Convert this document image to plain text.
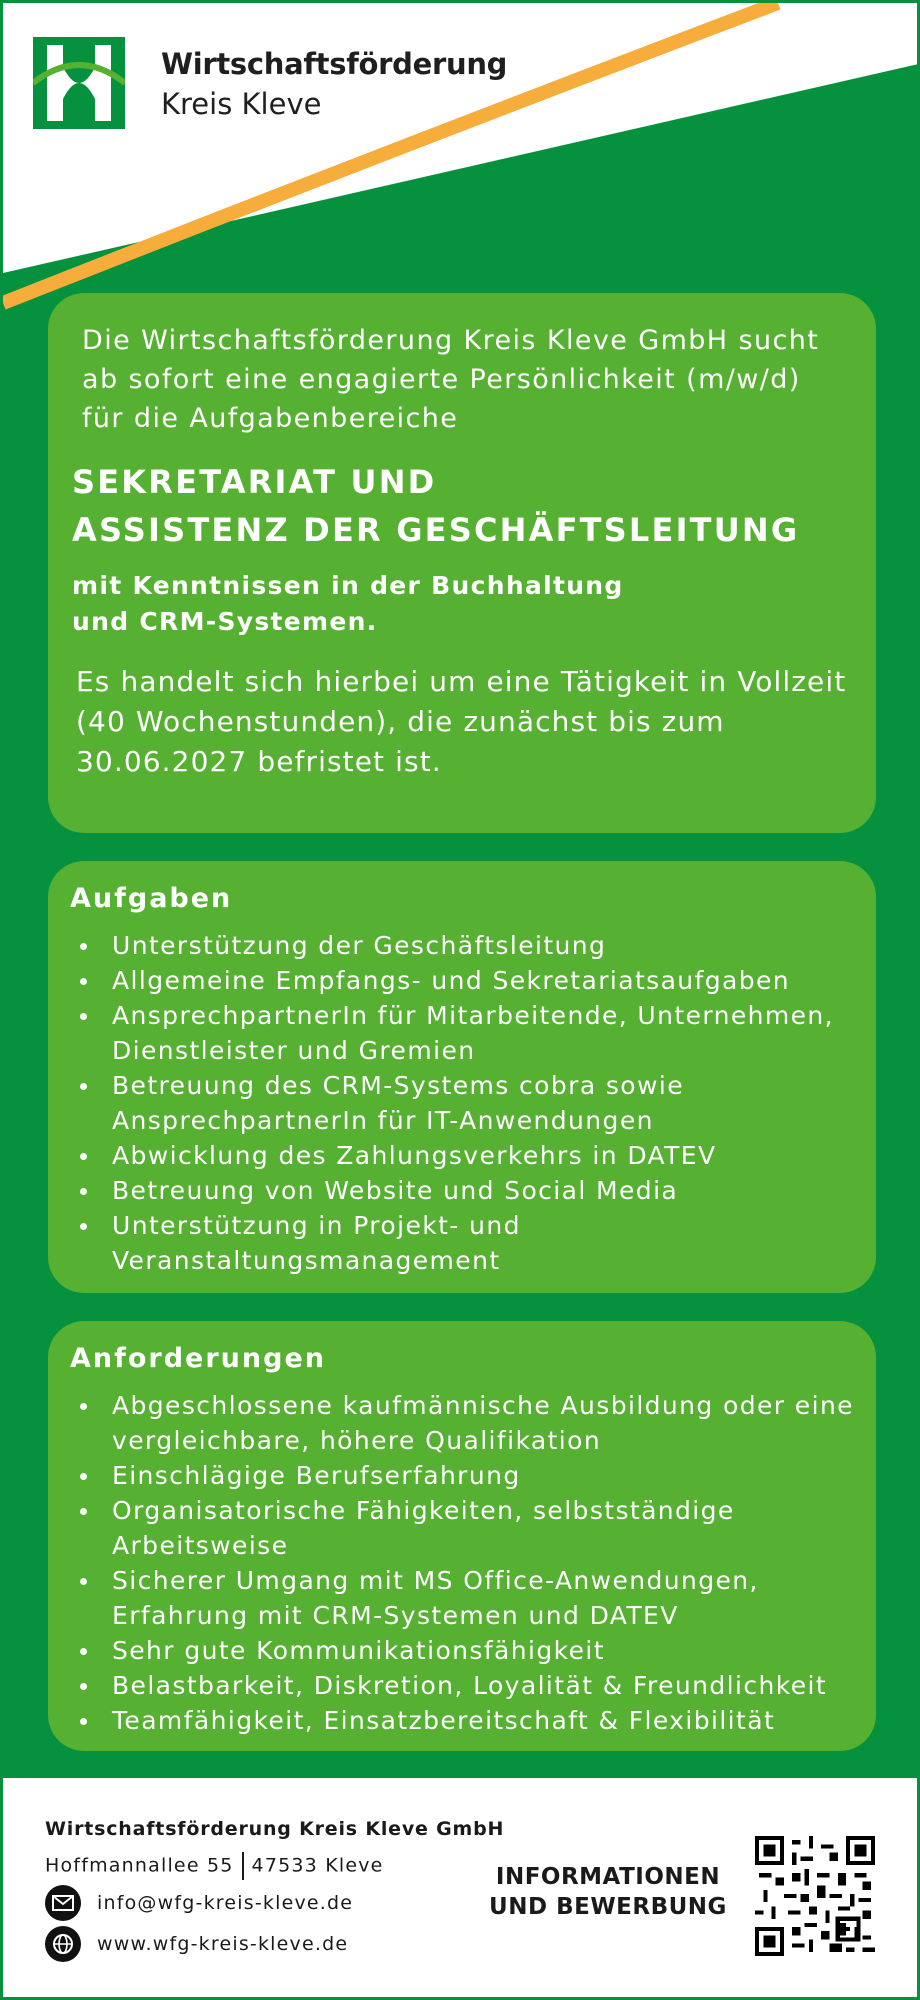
Wirtschaftsförderung
Kreis Kleve

Die Wirtschaftsförderung Kreis Kleve GmbH sucht ab sofort eine engagierte Persönlichkeit (m/w/d) für die Aufgabenbereiche

SEKRETARIAT UND
ASSISTENZ DER GESCHÄFTSLEITUNG
mit Kenntnissen in der Buchhaltung
und CRM-Systemen.
Es handelt sich hierbei um eine Tätigkeit in Vollzeit (40 Wochenstunden), die zunächst bis zum 30.06.2027 befristet ist.
Aufgaben
Unterstützung der Geschäftsleitung
Allgemeine Empfangs- und Sekretariatsaufgaben
AnsprechpartnerIn für Mitarbeitende, Unternehmen, Dienstleister und Gremien
Betreuung des CRM-Systems cobra sowie AnsprechpartnerIn für IT-Anwendungen
Abwicklung des Zahlungsverkehrs in DATEV
Betreuung von Website und Social Media
Unterstützung in Projekt- und Veranstaltungsmanagement
Anforderungen
Abgeschlossene kaufmännische Ausbildung oder eine vergleichbare, höhere Qualifikation
Einschlägige Berufserfahrung
Organisatorische Fähigkeiten, selbstständige Arbeitsweise
Sicherer Umgang mit MS Office-Anwendungen, Erfahrung mit CRM-Systemen und DATEV
Sehr gute Kommunikationsfähigkeit
Belastbarkeit, Diskretion, Loyalität & Freundlichkeit
Teamfähigkeit, Einsatzbereitschaft & Flexibilität
Wirtschaftsförderung Kreis Kleve GmbH
Hoffmannallee 55 47533 Kleve
info@wfg-kreis-kleve.de
www.wfg-kreis-kleve.de
INFORMATIONEN
UND BEWERBUNG
